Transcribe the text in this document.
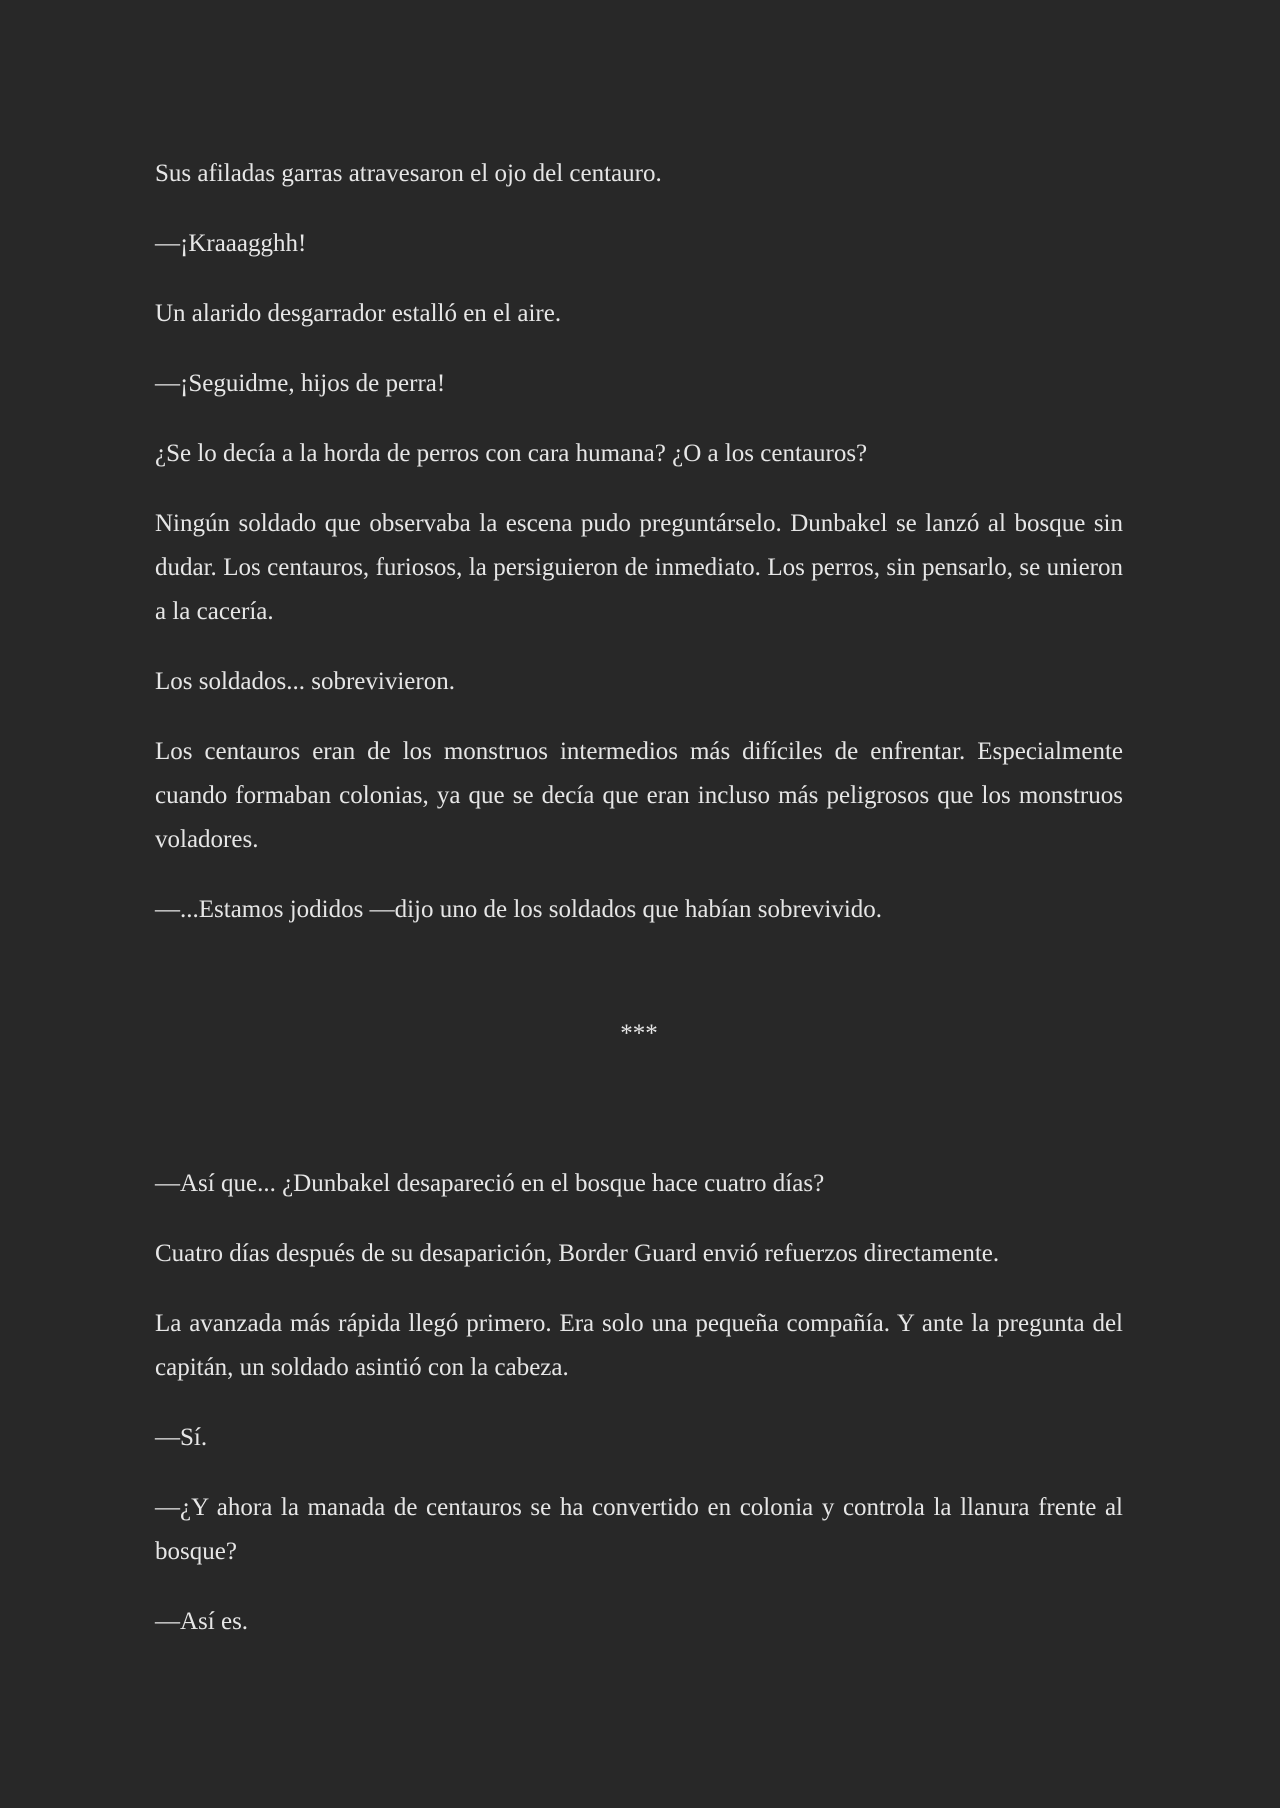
Sus afiladas garras atravesaron el ojo del centauro.

—¡Kraaagghh!

Un alarido desgarrador estalló en el aire.

—¡Seguidme, hijos de perra!

¿Se lo decía a la horda de perros con cara humana? ¿O a los centauros?

Ningún soldado que observaba la escena pudo preguntárselo. Dunbakel se lanzó al bosque sin dudar. Los centauros, furiosos, la persiguieron de inmediato. Los perros, sin pensarlo, se unieron a la cacería.

Los soldados... sobrevivieron.

Los centauros eran de los monstruos intermedios más difíciles de enfrentar. Especialmente cuando formaban colonias, ya que se decía que eran incluso más peligrosos que los monstruos voladores.

—...Estamos jodidos —dijo uno de los soldados que habían sobrevivido.

***

—Así que... ¿Dunbakel desapareció en el bosque hace cuatro días?

Cuatro días después de su desaparición, Border Guard envió refuerzos directamente.

La avanzada más rápida llegó primero. Era solo una pequeña compañía. Y ante la pregunta del capitán, un soldado asintió con la cabeza.

—Sí.

—¿Y ahora la manada de centauros se ha convertido en colonia y controla la llanura frente al bosque?

—Así es.
